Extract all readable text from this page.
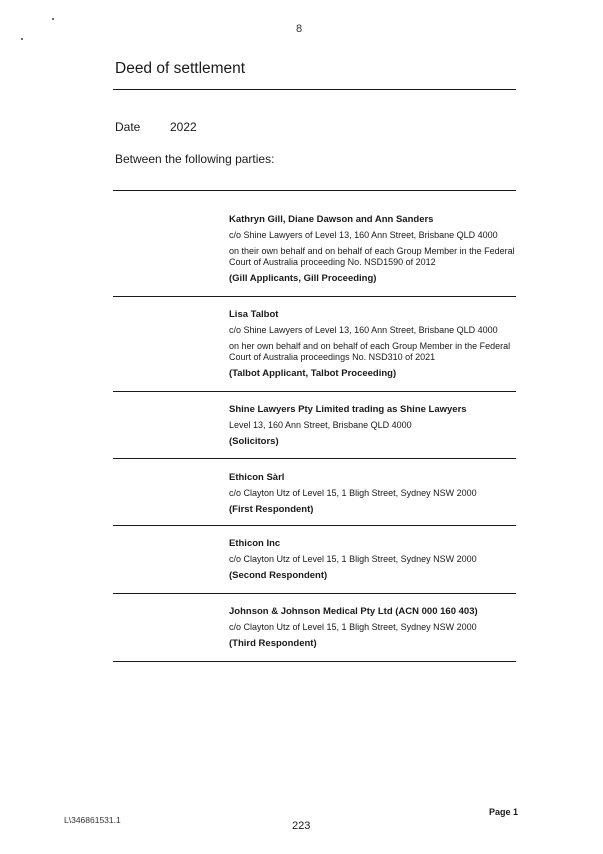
8
Deed of settlement
Date 2022
Between the following parties:
Kathryn Gill, Diane Dawson and Ann Sanders
c/o Shine Lawyers of Level 13, 160 Ann Street, Brisbane QLD 4000
on their own behalf and on behalf of each Group Member in the Federal Court of Australia proceeding No. NSD1590 of 2012
(Gill Applicants, Gill Proceeding)
Lisa Talbot
c/o Shine Lawyers of Level 13, 160 Ann Street, Brisbane QLD 4000
on her own behalf and on behalf of each Group Member in the Federal Court of Australia proceedings No. NSD310 of 2021
(Talbot Applicant, Talbot Proceeding)
Shine Lawyers Pty Limited trading as Shine Lawyers
Level 13, 160 Ann Street, Brisbane QLD 4000
(Solicitors)
Ethicon Sàrl
c/o Clayton Utz of Level 15, 1 Bligh Street, Sydney NSW 2000
(First Respondent)
Ethicon Inc
c/o Clayton Utz of Level 15, 1 Bligh Street, Sydney NSW 2000
(Second Respondent)
Johnson & Johnson Medical Pty Ltd (ACN 000 160 403)
c/o Clayton Utz of Level 15, 1 Bligh Street, Sydney NSW 2000
(Third Respondent)
L\346861531.1
Page 1
223
